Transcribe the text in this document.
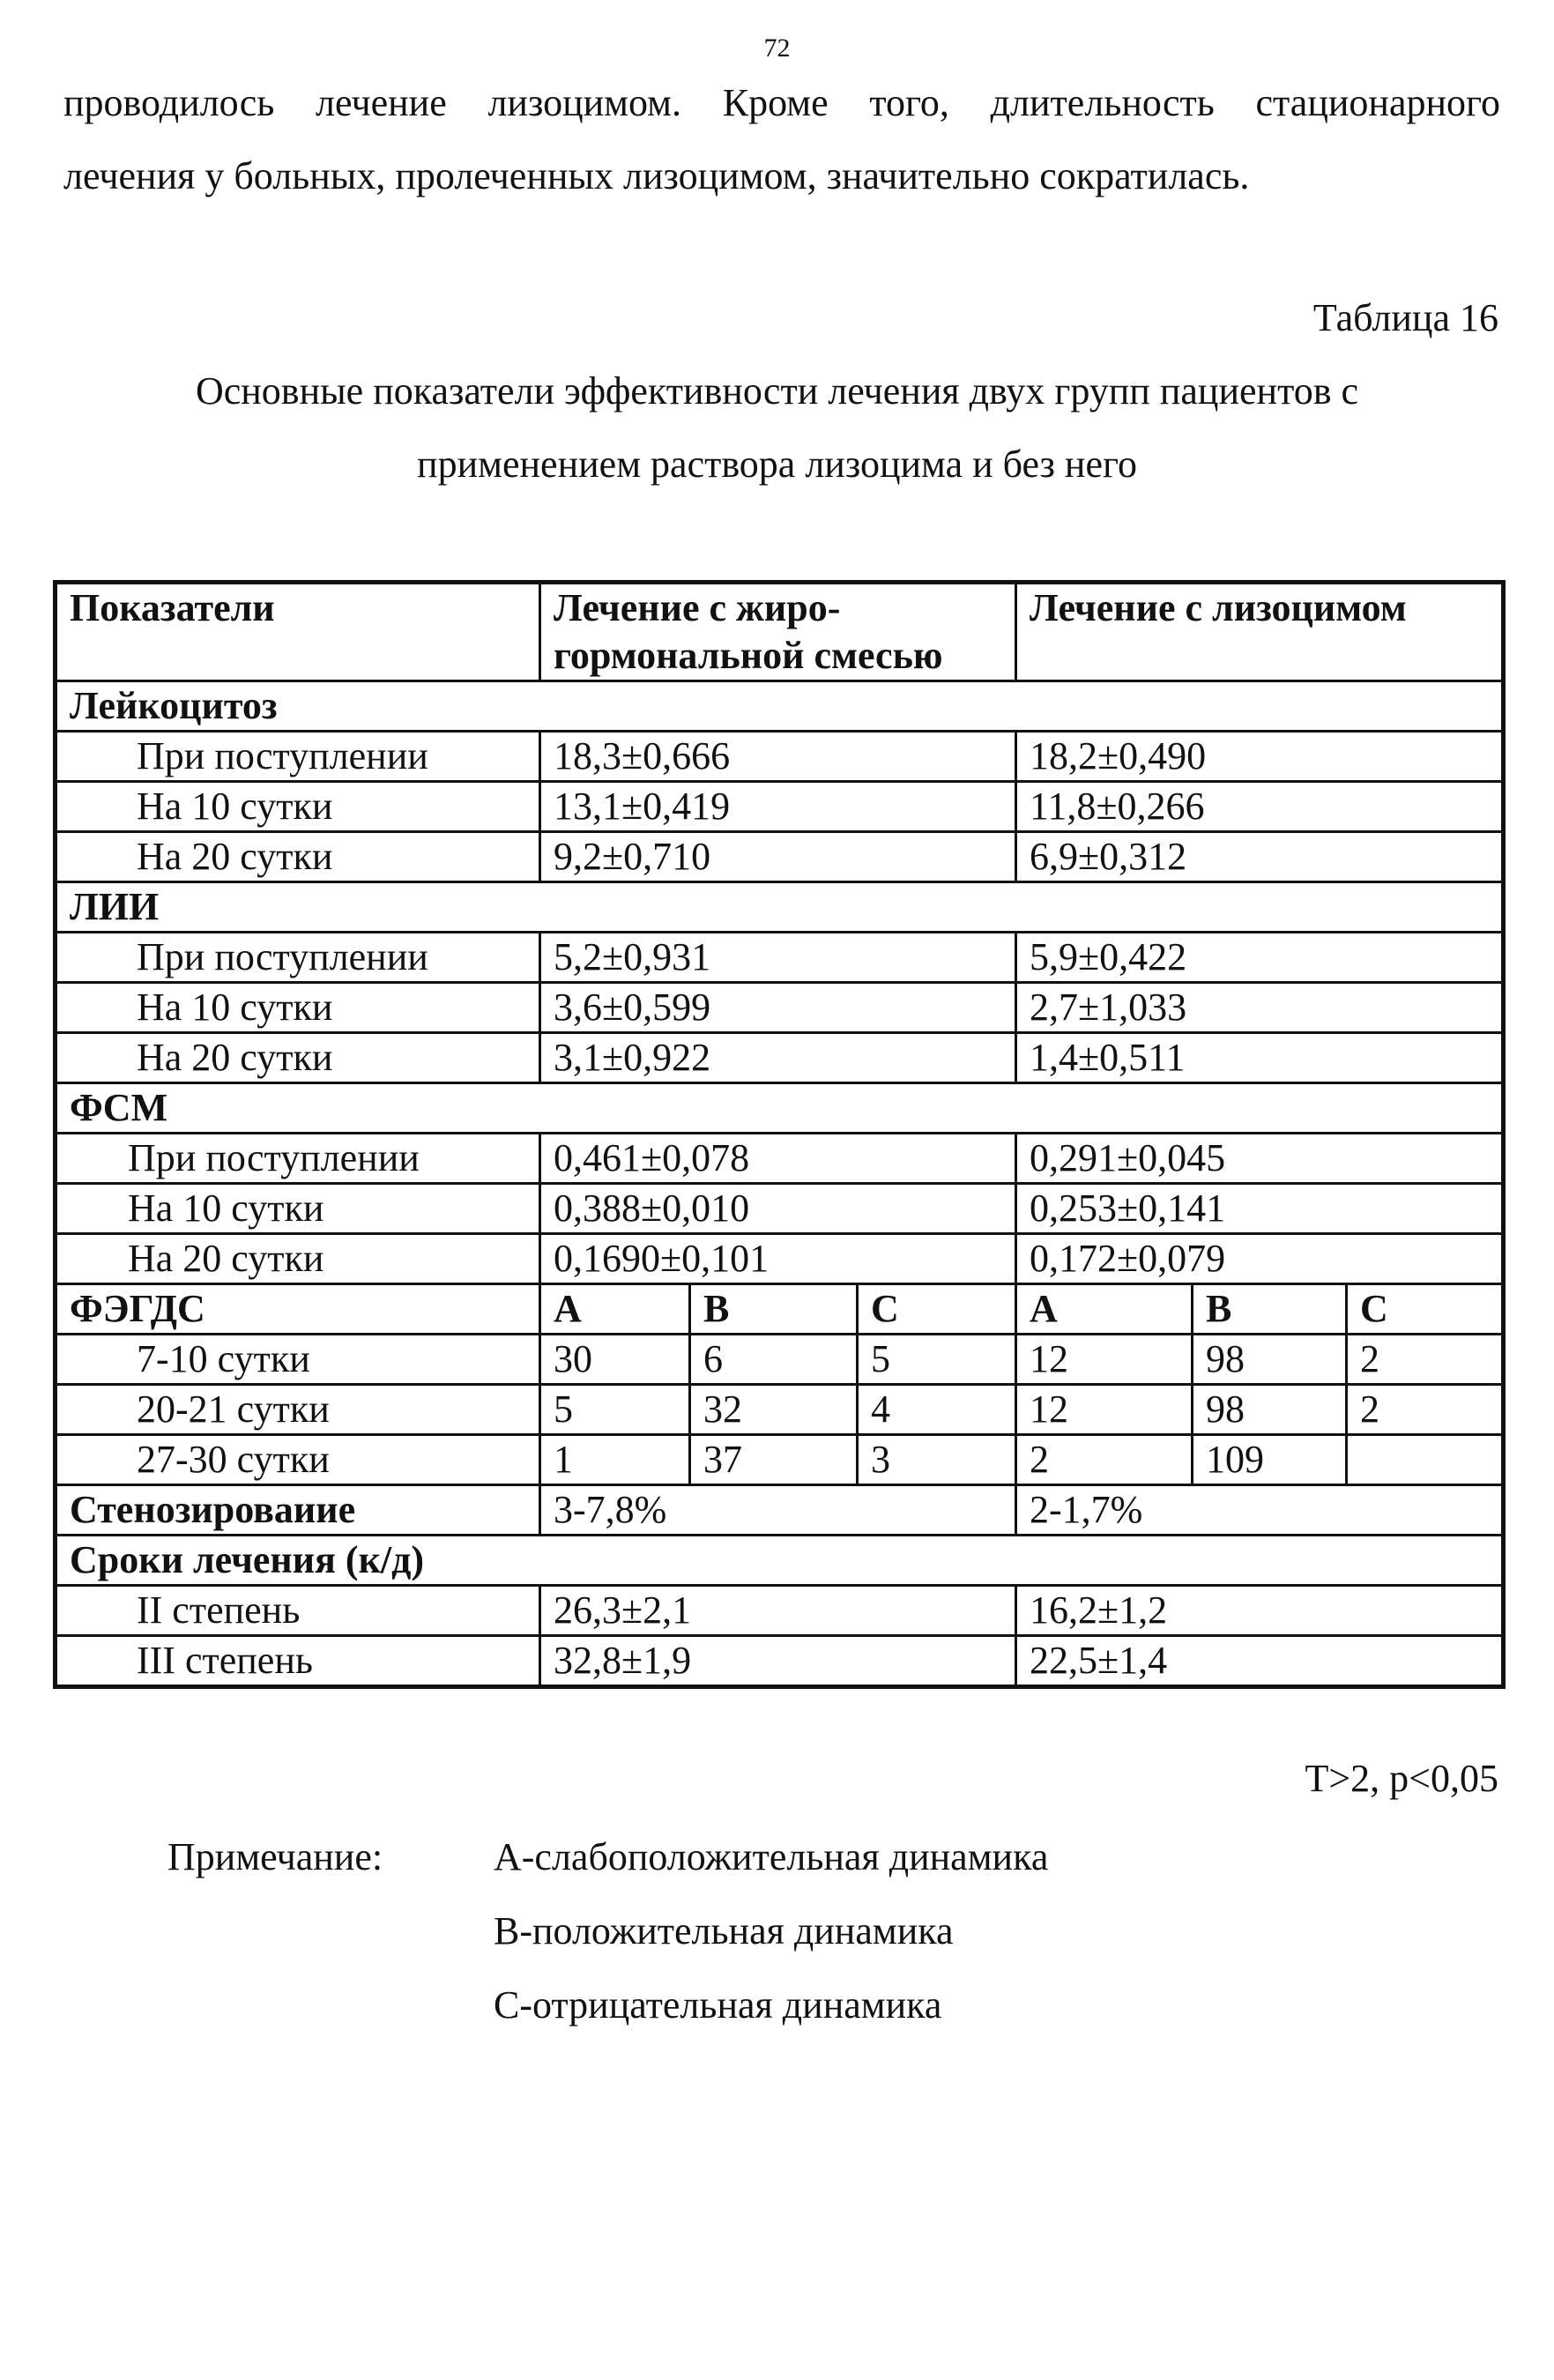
72
проводилось лечение лизоцимом. Кроме того, длительность стационарного
лечения у больных, пролеченных лизоцимом, значительно сократилась.
Таблица 16
Основные показатели эффективности лечения двух групп пациентов с
применением раствора лизоцима и без него
Показатели	Лечение с жиро-гормональной смесью			Лечение с лизоцимом		
Лейкоцитоз						
При поступлении	18,3±0,666			18,2±0,490		
На 10 сутки	13,1±0,419			11,8±0,266		
На 20 сутки	9,2±0,710			6,9±0,312		
ЛИИ						
При поступлении	5,2±0,931			5,9±0,422		
На 10 сутки	3,6±0,599			2,7±1,033		
На 20 сутки	3,1±0,922			1,4±0,511		
ФСМ						
При поступлении	0,461±0,078			0,291±0,045		
На 10 сутки	0,388±0,010			0,253±0,141		
На 20 сутки	0,1690±0,101			0,172±0,079		
ФЭГДС	A	B	C	A	B	C
7-10 сутки	30	6	5	12	98	2
20-21 сутки	5	32	4	12	98	2
27-30 сутки	1	37	3	2	109	
Стенозироваиие	3-7,8%			2-1,7%		
Сроки лечения (к/д)						
II степень	26,3±2,1			16,2±1,2		
III степень	32,8±1,9			22,5±1,4		
T>2, p<0,05
Примечание:	А-слабоположительная динамика
В-положительная динамика
С-отрицательная динамика
